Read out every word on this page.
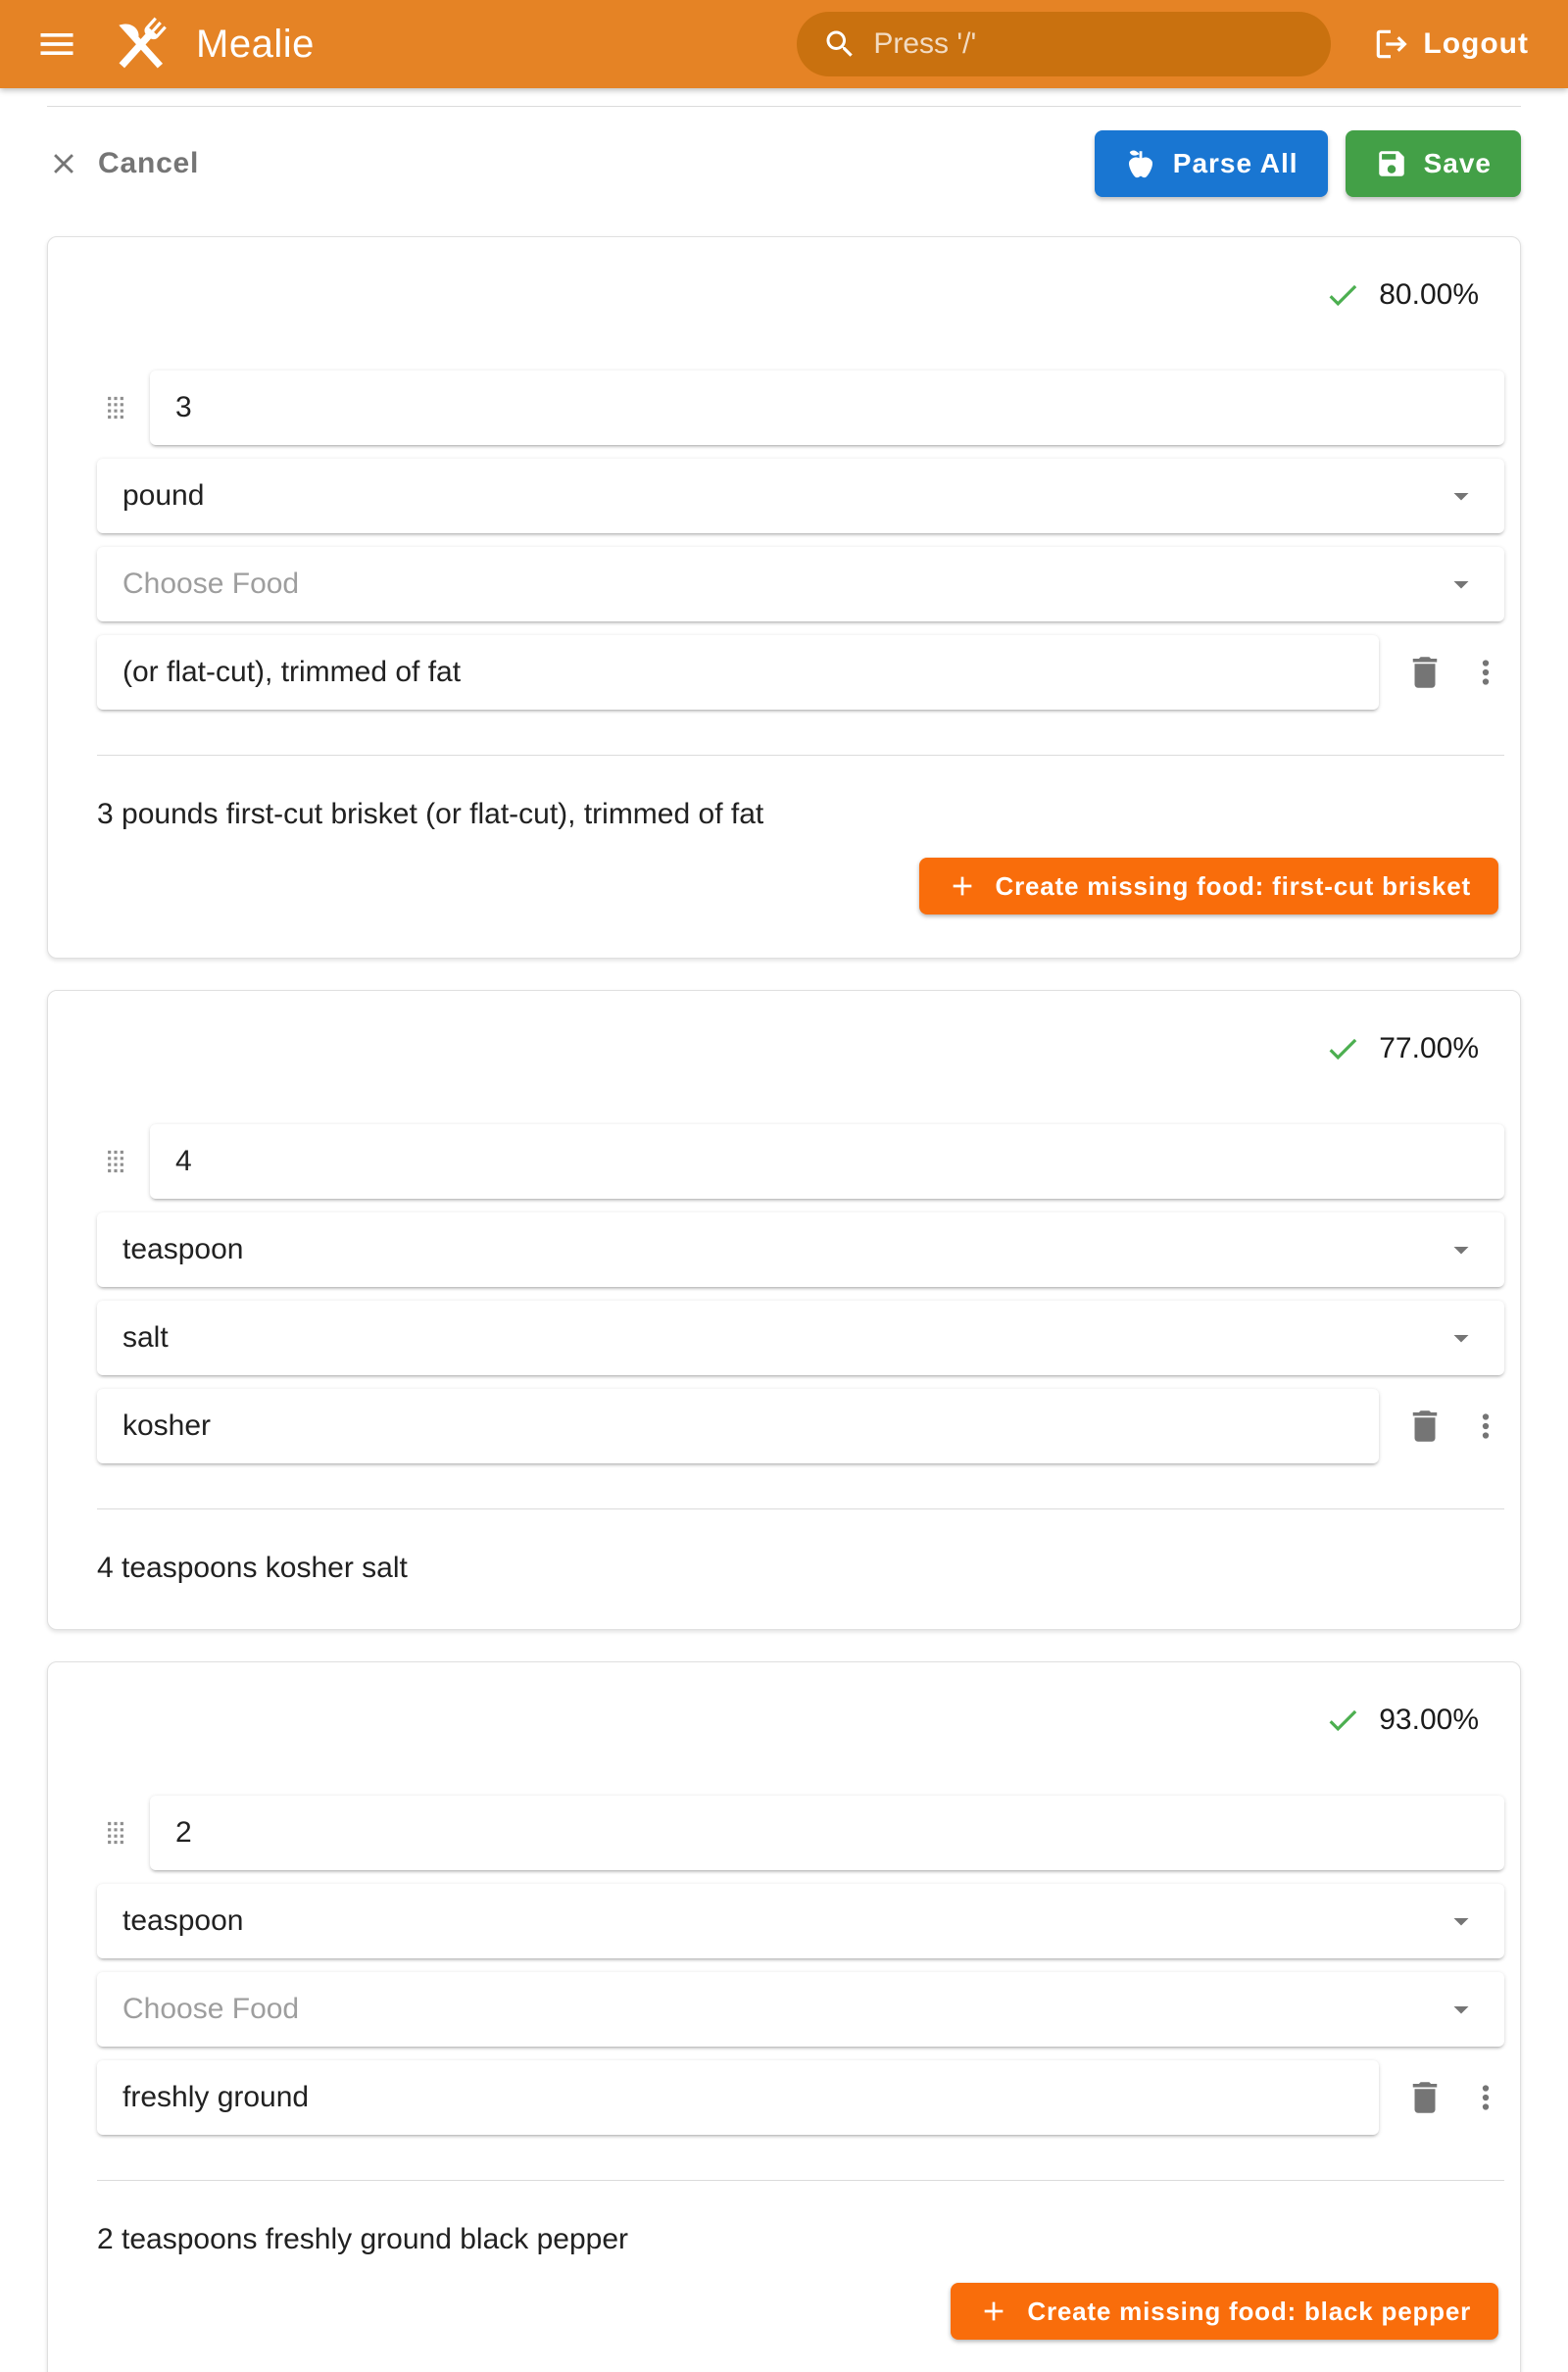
Mealie	Press '/'	Logout
Cancel	Parse All	Save
80.00%
3
pound
Choose Food
(or flat-cut), trimmed of fat
3 pounds first-cut brisket (or flat-cut), trimmed of fat
Create missing food: first-cut brisket
77.00%
4
teaspoon
salt
kosher
4 teaspoons kosher salt
93.00%
2
teaspoon
Choose Food
freshly ground
2 teaspoons freshly ground black pepper
Create missing food: black pepper
